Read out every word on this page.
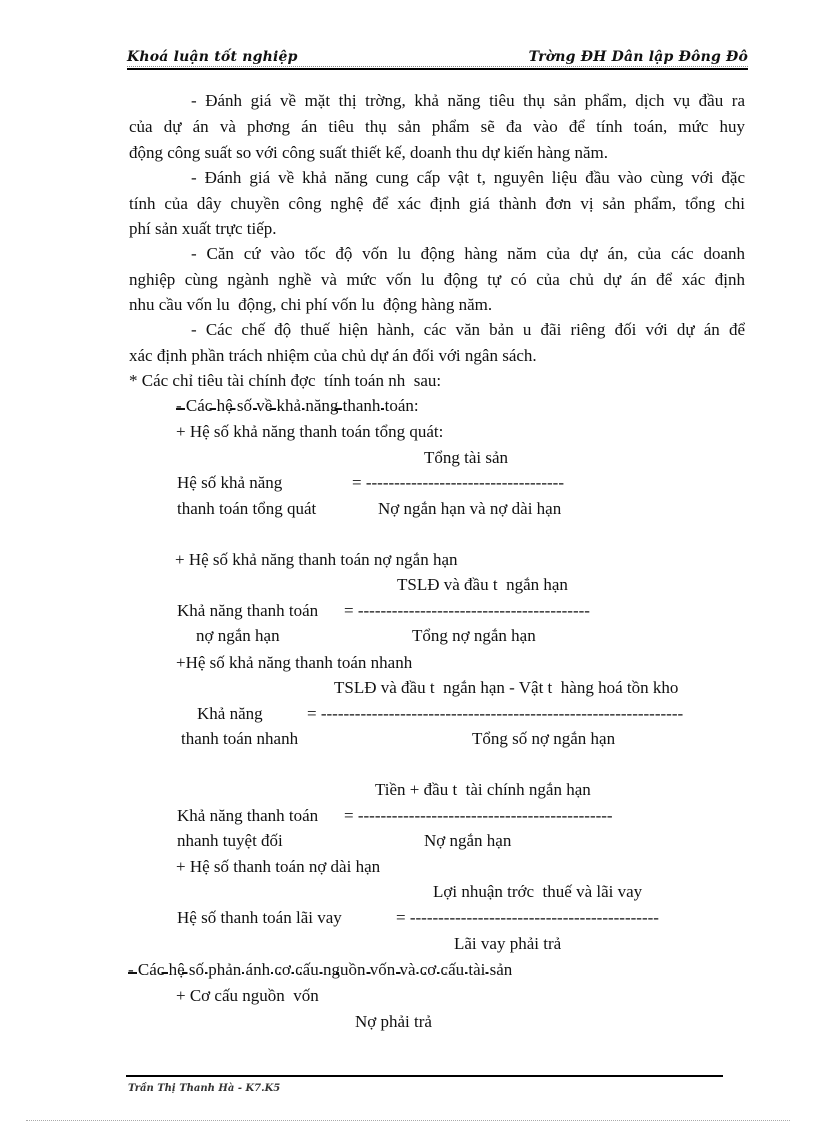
Khoá luận tốt nghiệp	Trờng ĐH Dân lập Đông Đô
- Đánh giá về mặt thị trờng, khả năng tiêu thụ sản phẩm, dịch vụ đầu ra
của dự án và phơng án tiêu thụ sản phẩm sẽ đa vào để tính toán, mức huy
động công suất so với công suất thiết kế, doanh thu dự kiến hàng năm.
- Đánh giá về khả năng cung cấp vật t, nguyên liệu đầu vào cùng với đặc
tính của dây chuyền công nghệ để xác định giá thành đơn vị sản phẩm, tổng chi
phí sản xuất trực tiếp.
- Căn cứ vào tốc độ vốn lu động hàng năm của dự án, của các doanh
nghiệp cùng ngành nghề và mức vốn lu động tự có của chủ dự án để xác định
nhu cầu vốn lu  động, chi phí vốn lu  động hàng năm.
- Các chế độ thuế hiện hành, các văn bản u đãi riêng đối với dự án để
xác định phần trách nhiệm của chủ dự án đối với ngân sách.
* Các chỉ tiêu tài chính đợc  tính toán nh  sau:
- Các hệ số về khả năng thanh toán:
+ Hệ số khả năng thanh toán tổng quát:
Tổng tài sản
Hệ số khả năng	= -----------------------------------
thanh toán tổng quát	Nợ ngắn hạn và nợ dài hạn
+ Hệ số khả năng thanh toán nợ ngắn hạn
TSLĐ và đầu t  ngắn hạn
Khả năng thanh toán = -----------------------------------------
nợ ngắn hạn	Tổng nợ ngắn hạn
+Hệ số khả năng thanh toán nhanh
TSLĐ và đầu t  ngắn hạn - Vật t  hàng hoá tồn kho
Khả năng	= ----------------------------------------------------------------
thanh toán nhanh	Tổng số nợ ngắn hạn
Tiền + đầu t  tài chính ngắn hạn
Khả năng thanh toán = ---------------------------------------------
nhanh tuyệt đối	Nợ ngắn hạn
+ Hệ số thanh toán nợ dài hạn
Lợi nhuận trớc  thuế và lãi vay
Hệ số thanh toán lãi vay	= --------------------------------------------
Lãi vay phải trả
- Các hệ số phản ánh cơ cấu nguồn vốn và cơ cấu tài sản
+ Cơ cấu nguồn  vốn
Nợ phải trả
Trần Thị Thanh Hà - K7.K5
